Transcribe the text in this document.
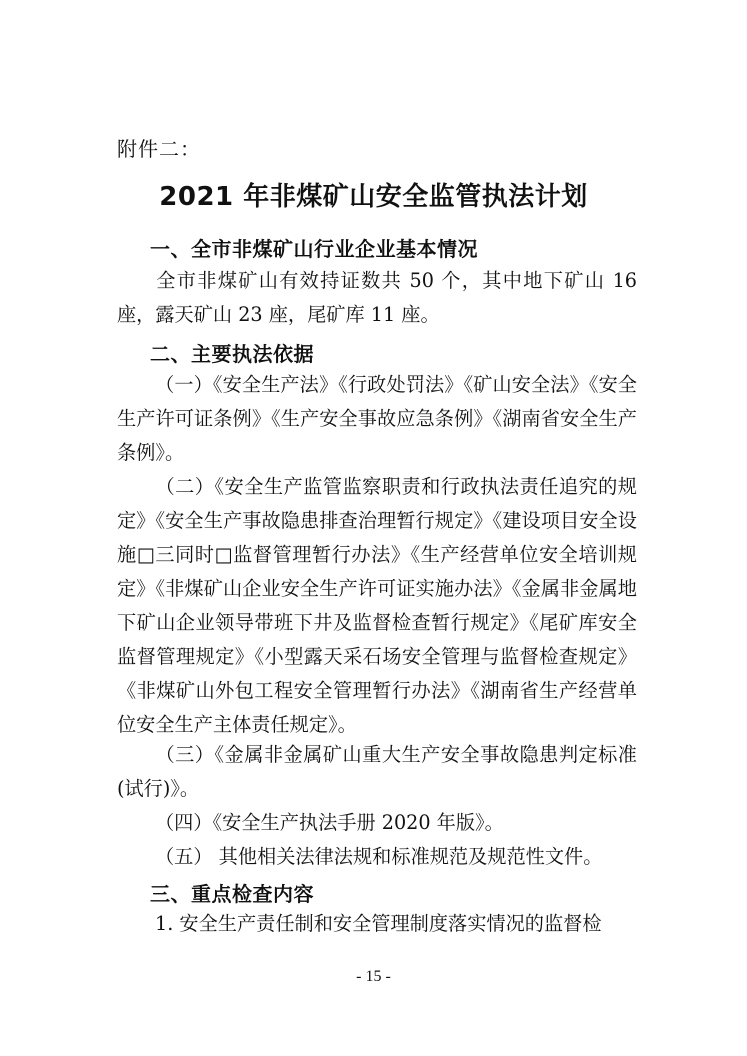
附件二：
2021 年非煤矿山安全监管执法计划
一、全市非煤矿山行业企业基本情况
全市非煤矿山有效持证数共 50 个，其中地下矿山 16 座，露天矿山 23 座，尾矿库 11 座。
二、主要执法依据
（一）《安全生产法》《行政处罚法》《矿山安全法》《安全生产许可证条例》《生产安全事故应急条例》《湖南省安全生产条例》。
（二）《安全生产监管监察职责和行政执法责任追究的规定》《安全生产事故隐患排查治理暂行规定》《建设项目安全设施□三同时□监督管理暂行办法》《生产经营单位安全培训规定》《非煤矿山企业安全生产许可证实施办法》《金属非金属地下矿山企业领导带班下井及监督检查暂行规定》《尾矿库安全监督管理规定》《小型露天采石场安全管理与监督检查规定》《非煤矿山外包工程安全管理暂行办法》《湖南省生产经营单位安全生产主体责任规定》。
（三）《金属非金属矿山重大生产安全事故隐患判定标准(试行)》。
（四）《安全生产执法手册 2020 年版》。
（五） 其他相关法律法规和标准规范及规范性文件。
三、重点检查内容
1. 安全生产责任制和安全管理制度落实情况的监督检
- 15 -
